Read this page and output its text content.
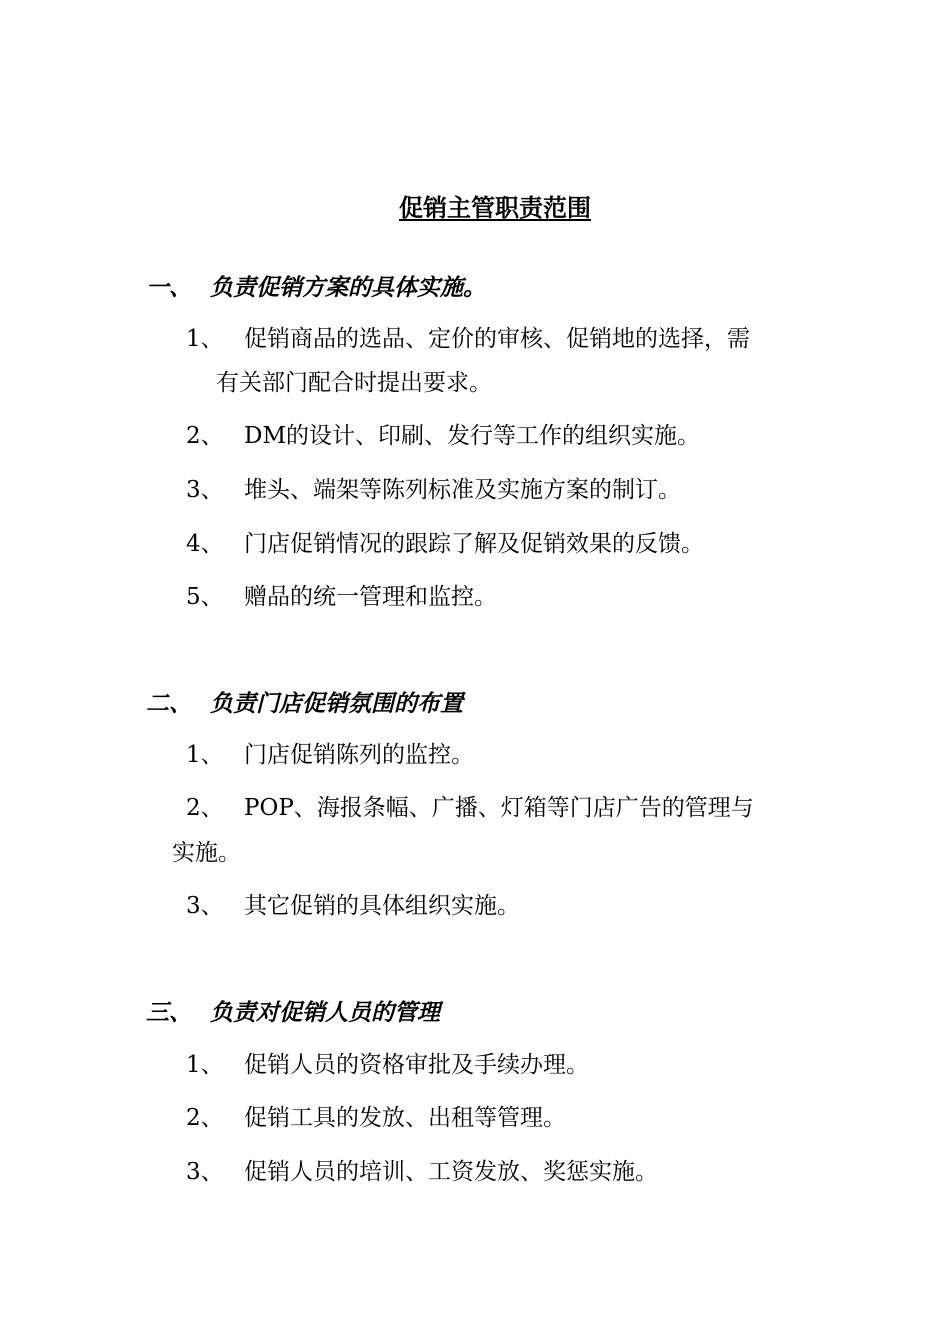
促销主管职责范围
一、 负责促销方案的具体实施。
1、 促销商品的选品、定价的审核、促销地的选择，需
有关部门配合时提出要求。
2、 DM的设计、印刷、发行等工作的组织实施。
3、 堆头、端架等陈列标准及实施方案的制订。
4、 门店促销情况的跟踪了解及促销效果的反馈。
5、 赠品的统一管理和监控。
二、 负责门店促销氛围的布置
1、 门店促销陈列的监控。
2、 POP、海报条幅、广播、灯箱等门店广告的管理与
实施。
3、 其它促销的具体组织实施。
三、 负责对促销人员的管理
1、 促销人员的资格审批及手续办理。
2、 促销工具的发放、出租等管理。
3、 促销人员的培训、工资发放、奖惩实施。
